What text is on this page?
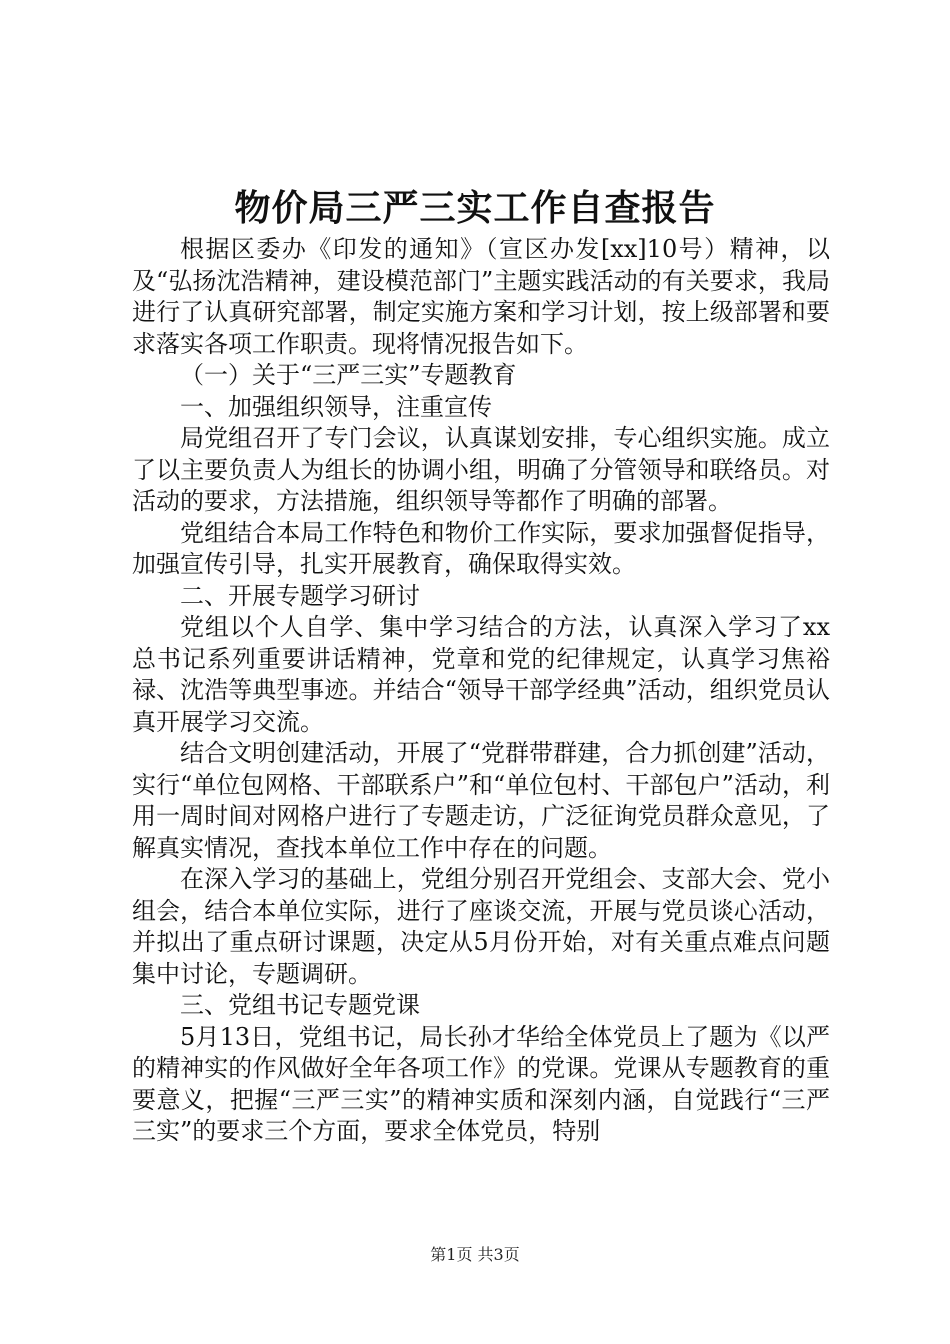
物价局三严三实工作自查报告

根据区委办《印发的通知》（宣区办发[xx]10号）精神，以及“弘扬沈浩精神，建设模范部门”主题实践活动的有关要求，我局进行了认真研究部署，制定实施方案和学习计划，按上级部署和要求落实各项工作职责。现将情况报告如下。

（一）关于“三严三实”专题教育

一、加强组织领导，注重宣传

局党组召开了专门会议，认真谋划安排，专心组织实施。成立了以主要负责人为组长的协调小组，明确了分管领导和联络员。对活动的要求，方法措施，组织领导等都作了明确的部署。

党组结合本局工作特色和物价工作实际，要求加强督促指导，加强宣传引导，扎实开展教育，确保取得实效。

二、开展专题学习研讨

党组以个人自学、集中学习结合的方法，认真深入学习了xx总书记系列重要讲话精神，党章和党的纪律规定，认真学习焦裕禄、沈浩等典型事迹。并结合“领导干部学经典”活动，组织党员认真开展学习交流。

结合文明创建活动，开展了“党群带群建，合力抓创建”活动，实行“单位包网格、干部联系户”和“单位包村、干部包户”活动，利用一周时间对网格户进行了专题走访，广泛征询党员群众意见，了解真实情况，查找本单位工作中存在的问题。

在深入学习的基础上，党组分别召开党组会、支部大会、党小组会，结合本单位实际，进行了座谈交流，开展与党员谈心活动，并拟出了重点研讨课题，决定从5月份开始，对有关重点难点问题集中讨论，专题调研。

三、党组书记专题党课

5月13日，党组书记，局长孙才华给全体党员上了题为《以严的精神实的作风做好全年各项工作》的党课。党课从专题教育的重要意义，把握“三严三实”的精神实质和深刻内涵，自觉践行“三严三实”的要求三个方面，要求全体党员，特别

第1页 共3页
